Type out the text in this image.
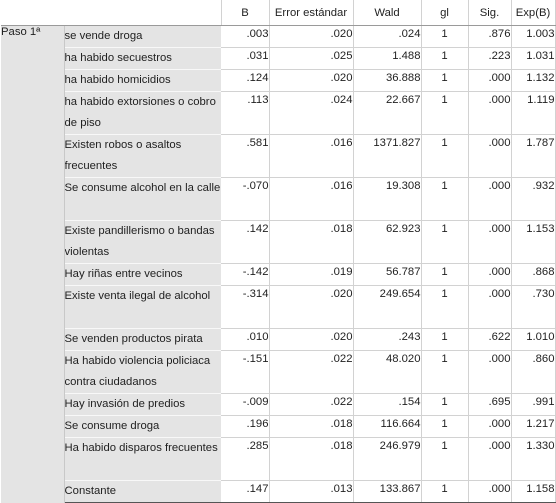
		B	Error estándar	Wald	gl	Sig.	Exp(B)
Paso 1ª	se vende droga	.003	.020	.024	1	.876	1.003
	ha habido secuestros	.031	.025	1.488	1	.223	1.031
	ha habido homicidios	.124	.020	36.888	1	.000	1.132
	ha habido extorsiones o cobro de piso	.113	.024	22.667	1	.000	1.119
	Existen robos o asaltos frecuentes	.581	.016	1371.827	1	.000	1.787
	Se consume alcohol en la calle	-.070	.016	19.308	1	.000	.932
	Existe pandillerismo o bandas violentas	.142	.018	62.923	1	.000	1.153
	Hay riñas entre vecinos	-.142	.019	56.787	1	.000	.868
	Existe venta ilegal de alcohol	-.314	.020	249.654	1	.000	.730
	Se venden productos pirata	.010	.020	.243	1	.622	1.010
	Ha habido violencia policiaca contra ciudadanos	-.151	.022	48.020	1	.000	.860
	Hay invasión de predios	-.009	.022	.154	1	.695	.991
	Se consume droga	.196	.018	116.664	1	.000	1.217
	Ha habido disparos frecuentes	.285	.018	246.979	1	.000	1.330
	Constante	.147	.013	133.867	1	.000	1.158
